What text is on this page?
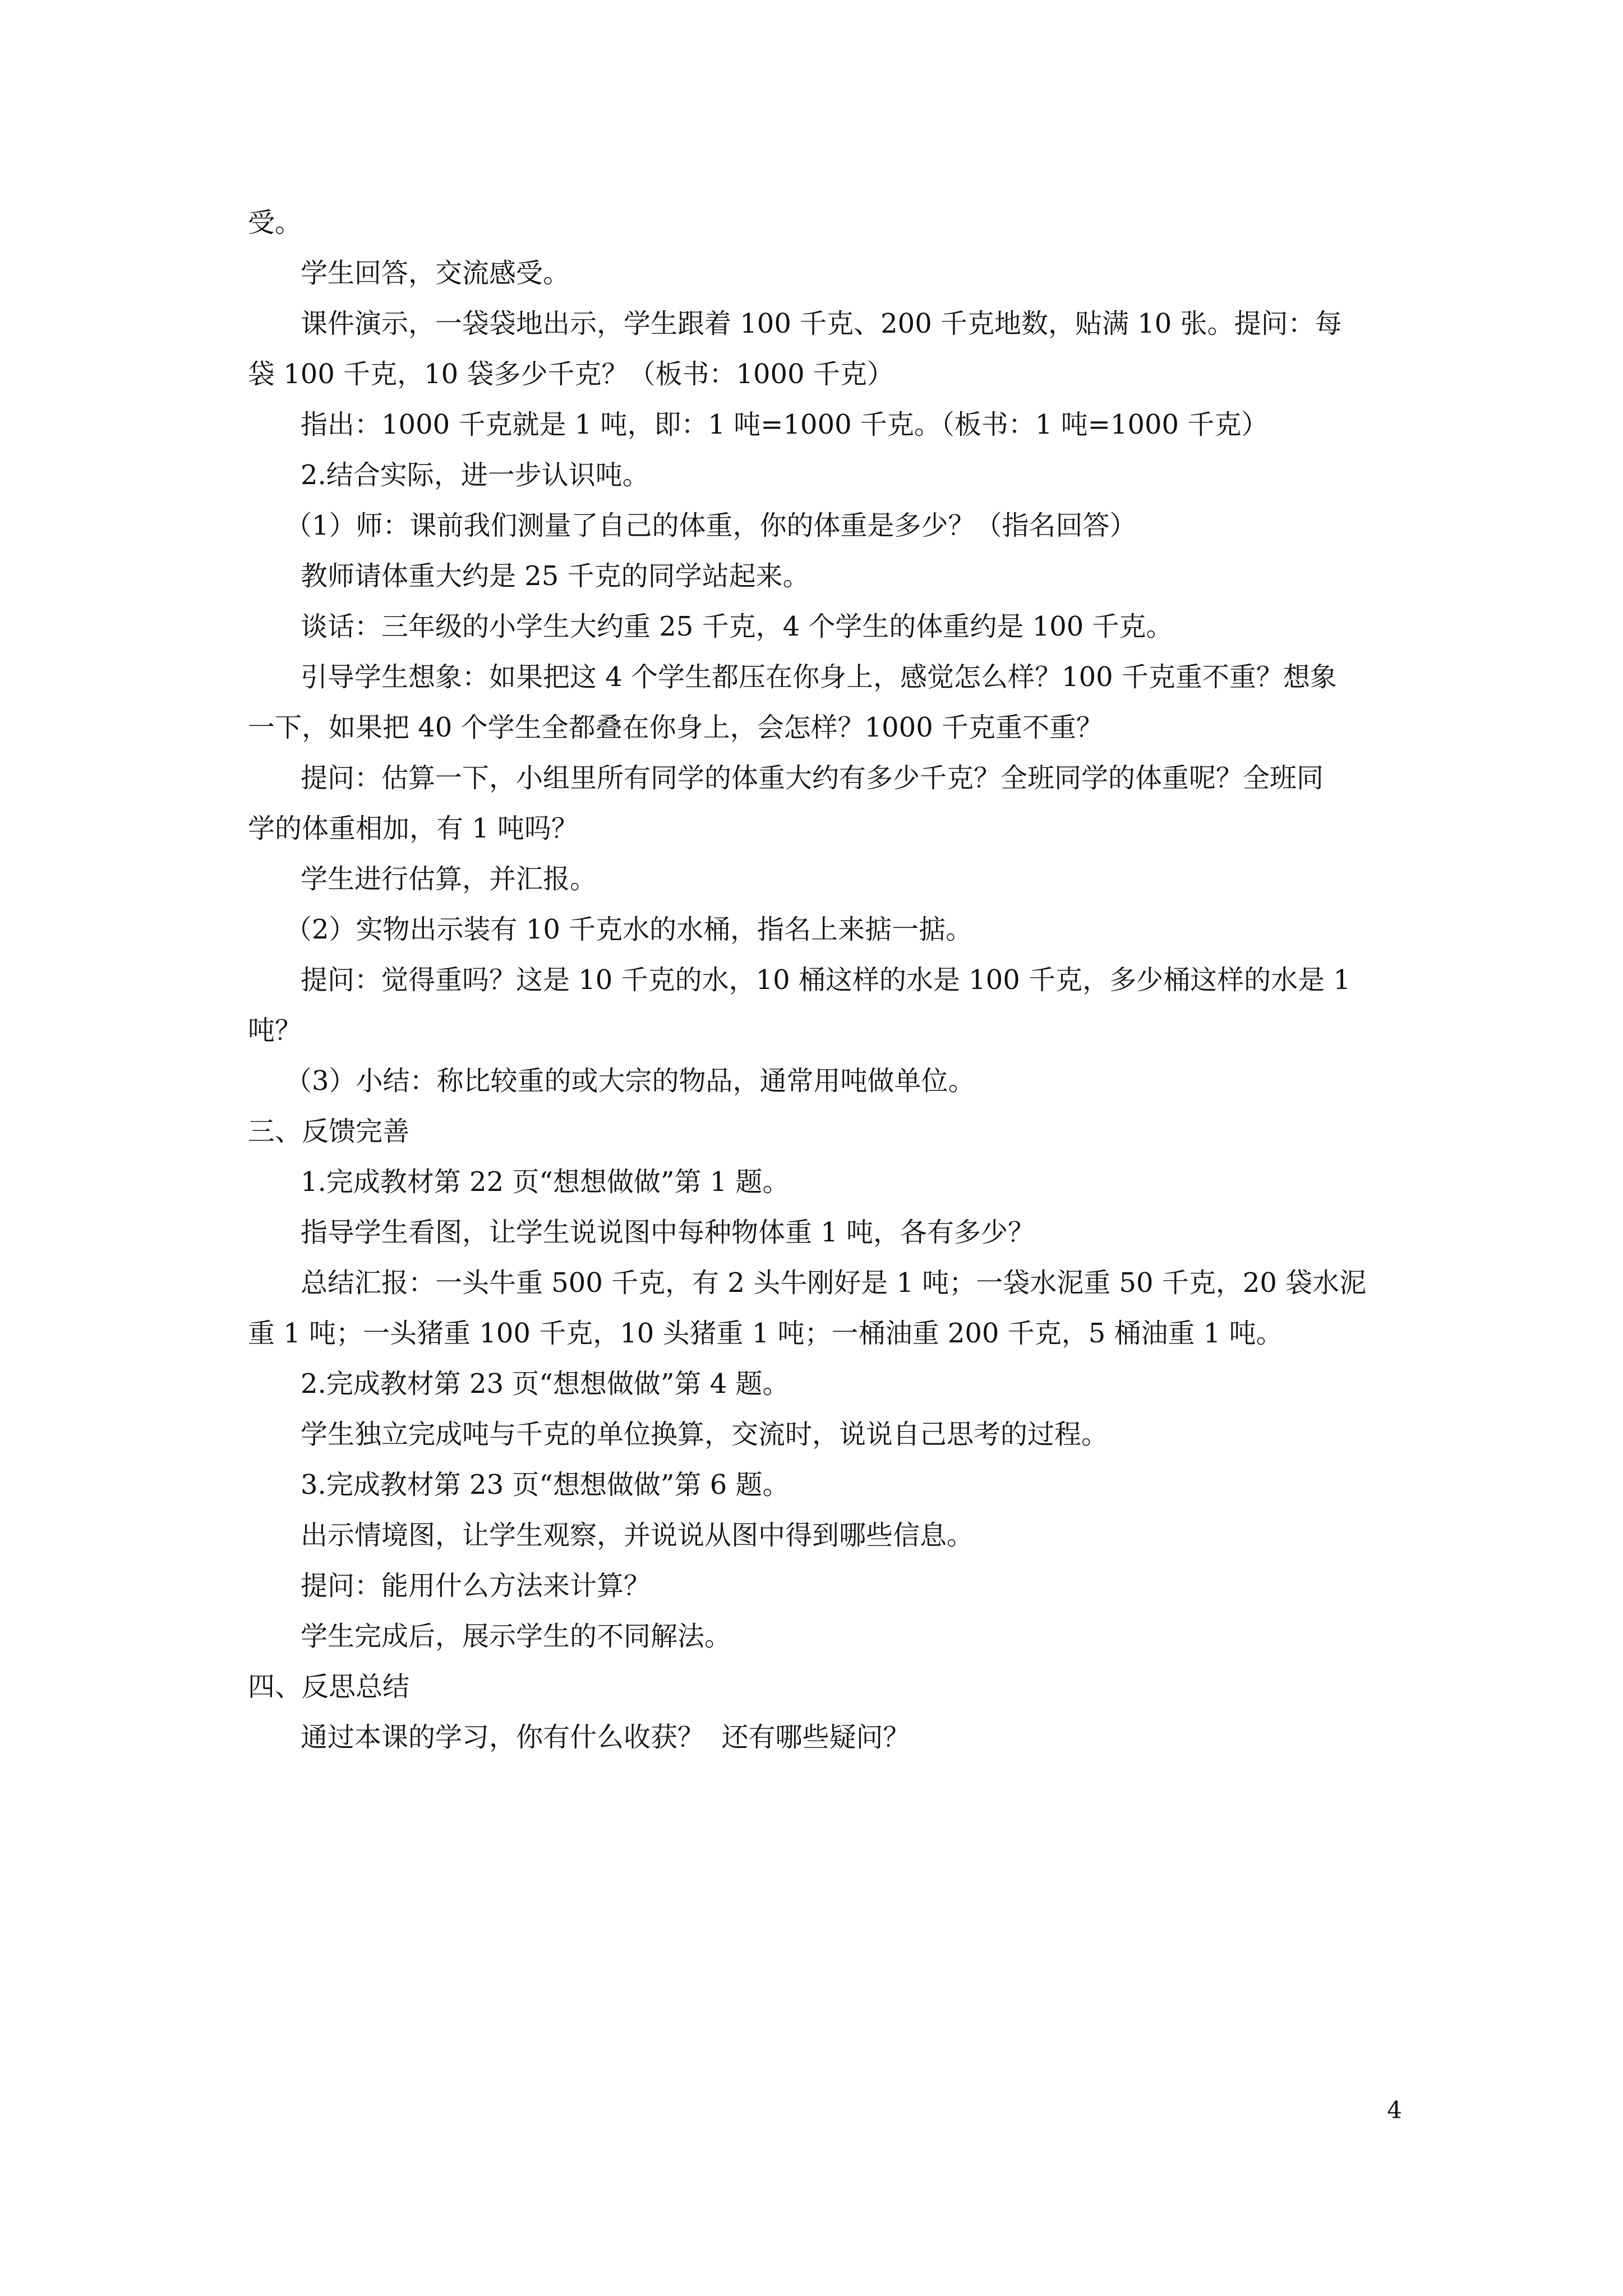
受。

学生回答，交流感受。

课件演示，一袋袋地出示，学生跟着 100 千克、200 千克地数，贴满 10 张。提问：每

袋 100 千克，10 袋多少千克？（板书：1000 千克）

指出：1000 千克就是 1 吨，即：1 吨=1000 千克。（板书：1 吨=1000 千克）

2.结合实际，进一步认识吨。

（1）师：课前我们测量了自己的体重，你的体重是多少？（指名回答）

教师请体重大约是 25 千克的同学站起来。

谈话：三年级的小学生大约重 25 千克，4 个学生的体重约是 100 千克。

引导学生想象：如果把这 4 个学生都压在你身上，感觉怎么样？100 千克重不重？想象

一下，如果把 40 个学生全都叠在你身上，会怎样？1000 千克重不重？

提问：估算一下，小组里所有同学的体重大约有多少千克？全班同学的体重呢？全班同

学的体重相加，有 1 吨吗？

学生进行估算，并汇报。

（2）实物出示装有 10 千克水的水桶，指名上来掂一掂。

提问：觉得重吗？这是 10 千克的水，10 桶这样的水是 100 千克，多少桶这样的水是 1

吨？

（3）小结：称比较重的或大宗的物品，通常用吨做单位。

三、反馈完善

1.完成教材第 22 页“想想做做”第 1 题。

指导学生看图，让学生说说图中每种物体重 1 吨，各有多少？

总结汇报：一头牛重 500 千克，有 2 头牛刚好是 1 吨；一袋水泥重 50 千克，20 袋水泥

重 1 吨；一头猪重 100 千克，10 头猪重 1 吨；一桶油重 200 千克，5 桶油重 1 吨。

2.完成教材第 23 页“想想做做”第 4 题。

学生独立完成吨与千克的单位换算，交流时，说说自己思考的过程。

3.完成教材第 23 页“想想做做”第 6 题。

出示情境图，让学生观察，并说说从图中得到哪些信息。

提问：能用什么方法来计算？

学生完成后，展示学生的不同解法。

四、反思总结

通过本课的学习，你有什么收获？  还有哪些疑问？

4
